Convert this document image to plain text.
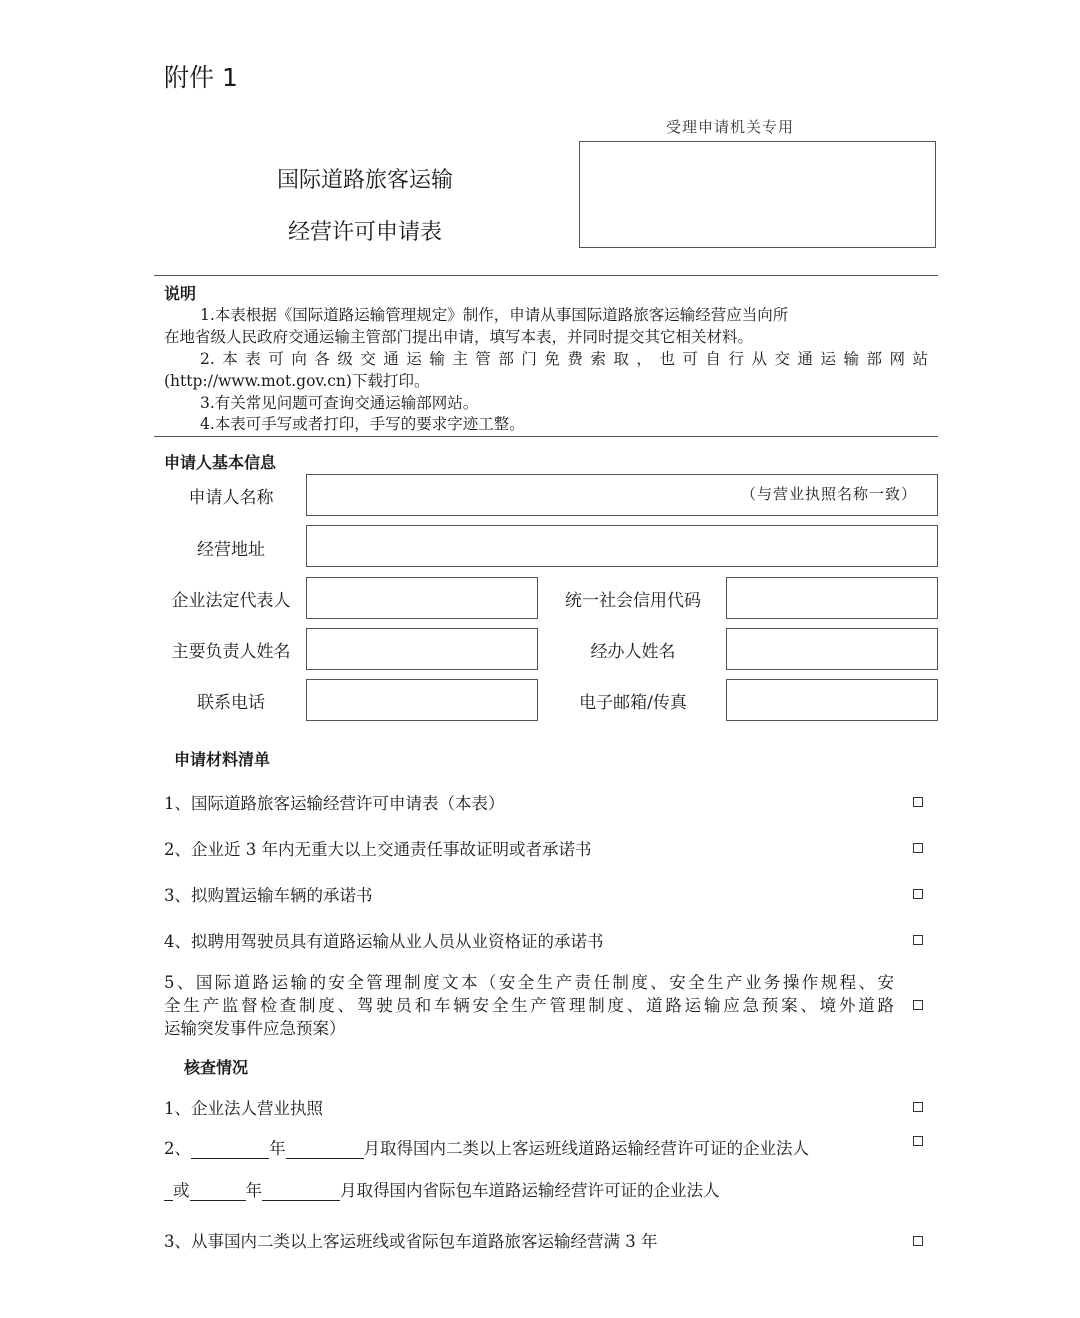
附件 1
受理申请机关专用
国际道路旅客运输
经营许可申请表
说明
1.本表根据《国际道路运输管理规定》制作，申请从事国际道路旅客运输经营应当向所
在地省级人民政府交通运输主管部门提出申请，填写本表，并同时提交其它相关材料。
2.本表可向各级交通运输主管部门免费索取，也可自行从交通运输部网站
(http://www.mot.gov.cn)下载打印。
3.有关常见问题可查询交通运输部网站。
4.本表可手写或者打印，手写的要求字迹工整。
申请人基本信息
申请人名称	（与营业执照名称一致）
经营地址
企业法定代表人	统一社会信用代码
主要负责人姓名	经办人姓名
联系电话	电子邮箱/传真
申请材料清单
1、国际道路旅客运输经营许可申请表（本表）
2、企业近 3 年内无重大以上交通责任事故证明或者承诺书
3、拟购置运输车辆的承诺书
4、拟聘用驾驶员具有道路运输从业人员从业资格证的承诺书
5、国际道路运输的安全管理制度文本（安全生产责任制度、安全生产业务操作规程、安
全生产监督检查制度、驾驶员和车辆安全生产管理制度、道路运输应急预案、境外道路
运输突发事件应急预案）
核查情况
1、企业法人营业执照
2、	年	月取得国内二类以上客运班线道路运输经营许可证的企业法人
或	年	月取得国内省际包车道路运输经营许可证的企业法人
3、从事国内二类以上客运班线或省际包车道路旅客运输经营满 3 年
